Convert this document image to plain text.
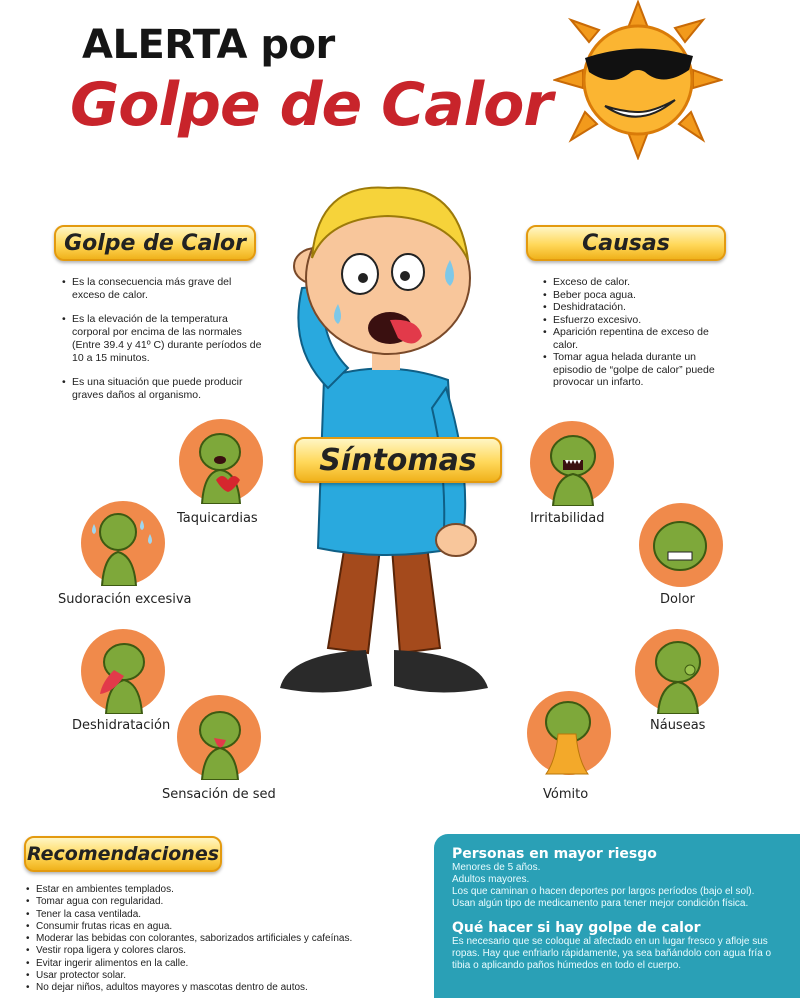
ALERTA por
Golpe de Calor
Golpe de Calor
• Es la consecuencia más grave del exceso de calor.
• Es la elevación de la temperatura corporal por encima de las normales (Entre 39.4 y 41º C) durante períodos de 10 a 15 minutos.
• Es una situación que puede producir graves daños al organismo.
Causas
• Exceso de calor.
• Beber poca agua.
• Deshidratación.
• Esfuerzo excesivo.
• Aparición repentina de exceso de calor.
• Tomar agua helada durante un episodio de “golpe de calor” puede provocar un infarto.
Síntomas
Taquicardias
Sudoración excesiva
Deshidratación
Sensación de sed
Irritabilidad
Dolor
Náuseas
Vómito
Recomendaciones
• Estar en ambientes templados.
• Tomar agua con regularidad.
• Tener la casa ventilada.
• Consumir frutas ricas en agua.
• Moderar las bebidas con colorantes, saborizados artificiales y cafeínas.
• Vestir ropa ligera y colores claros.
• Evitar ingerir alimentos en la calle.
• Usar protector solar.
• No dejar niños, adultos mayores y mascotas dentro de autos.
Personas en mayor riesgo

Menores de 5 años.

Adultos mayores.

Los que caminan o hacen deportes por largos períodos (bajo el sol).

Usan algún tipo de medicamento para tener mejor condición física.

Qué hacer si hay golpe de calor

Es necesario que se coloque al afectado en un lugar fresco y afloje sus ropas. Hay que enfriarlo rápidamente, ya sea bañándolo con agua fría o tibia o aplicando paños húmedos en todo el cuerpo.
